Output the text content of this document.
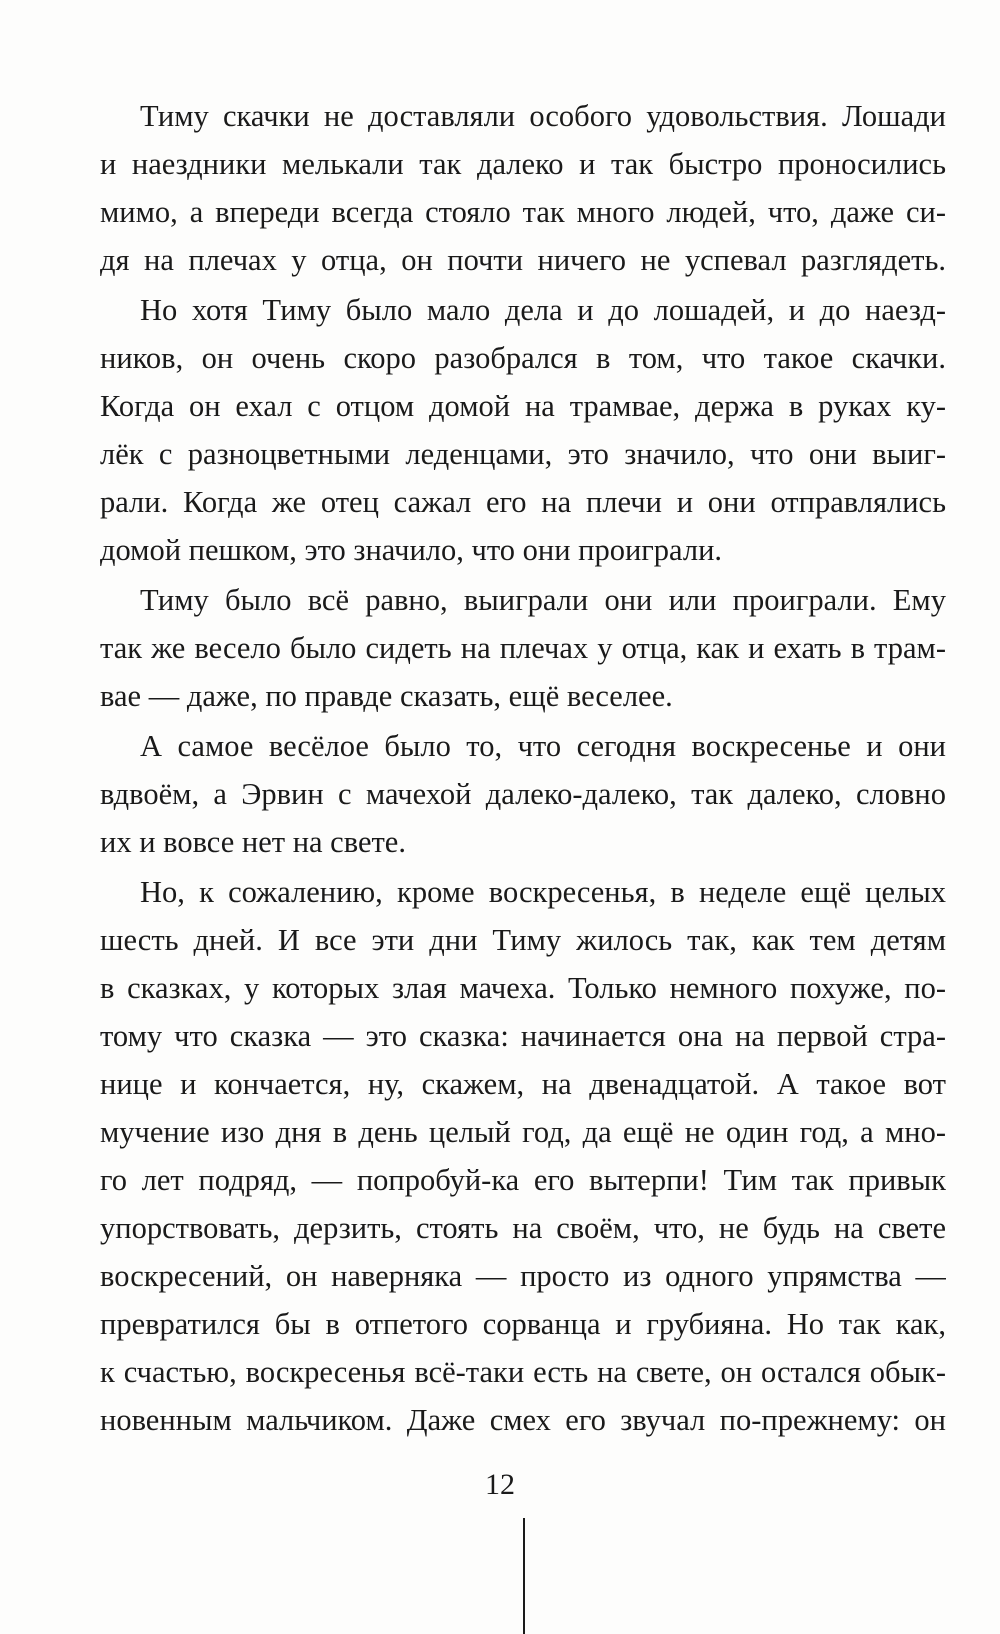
Тиму скачки не доставляли особого удовольствия. Лошади
и наездники мелькали так далеко и так быстро проносились
мимо, а впереди всегда стояло так много людей, что, даже си-
дя на плечах у отца, он почти ничего не успевал разглядеть.
Но хотя Тиму было мало дела и до лошадей, и до наезд-
ников, он очень скоро разобрался в том, что такое скачки.
Когда он ехал с отцом домой на трамвае, держа в руках ку-
лёк с разноцветными леденцами, это значило, что они выиг-
рали. Когда же отец сажал его на плечи и они отправлялись
домой пешком, это значило, что они проиграли.
Тиму было всё равно, выиграли они или проиграли. Ему
так же весело было сидеть на плечах у отца, как и ехать в трам-
вае — даже, по правде сказать, ещё веселее.
А самое весёлое было то, что сегодня воскресенье и они
вдвоём, а Эрвин с мачехой далеко-далеко, так далеко, словно
их и вовсе нет на свете.
Но, к сожалению, кроме воскресенья, в неделе ещё целых
шесть дней. И все эти дни Тиму жилось так, как тем детям
в сказках, у которых злая мачеха. Только немного похуже, по-
тому что сказка — это сказка: начинается она на первой стра-
нице и кончается, ну, скажем, на двенадцатой. А такое вот
мучение изо дня в день целый год, да ещё не один год, а мно-
го лет подряд, — попробуй-ка его вытерпи! Тим так привык
упорствовать, дерзить, стоять на своём, что, не будь на свете
воскресений, он наверняка — просто из одного упрямства —
превратился бы в отпетого сорванца и грубияна. Но так как,
к счастью, воскресенья всё-таки есть на свете, он остался обык-
новенным мальчиком. Даже смех его звучал по-прежнему: он
12
